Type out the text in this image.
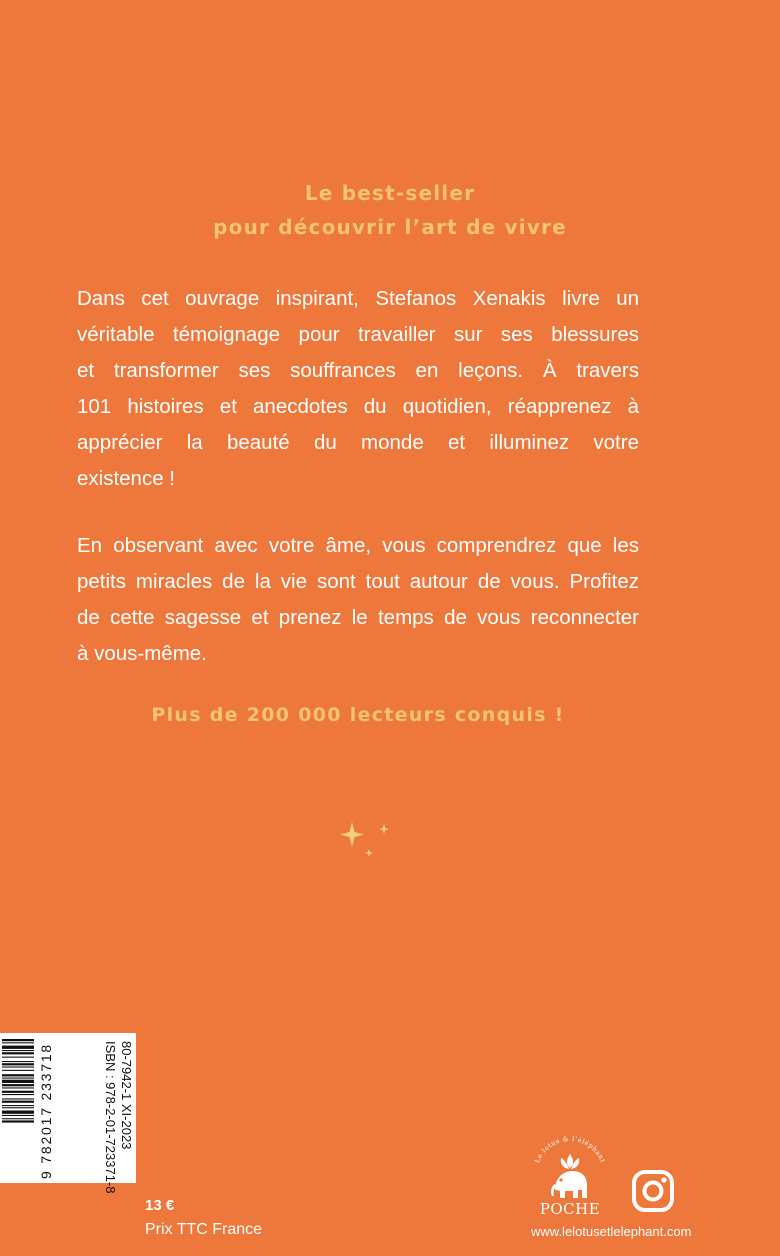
Le best-seller
pour découvrir l’art de vivre
Dans cet ouvrage inspirant, Stefanos Xenakis livre un
véritable témoignage pour travailler sur ses blessures
et transformer ses souffrances en leçons. À travers
101 histoires et anecdotes du quotidien, réapprenez à
apprécier la beauté du monde et illuminez votre
existence !
En observant avec votre âme, vous comprendrez que les
petits miracles de la vie sont tout autour de vous. Profitez
de cette sagesse et prenez le temps de vous reconnecter
à vous-même.
Plus de 200 000 lecteurs conquis !
9 782017 233718	80-7942-1 XI-2023
ISBN : 978-2-01-723371-8
13 €
Prix TTC France
Le lotus & l’éléphant
POCHE
www.lelotusetlelephant.com
